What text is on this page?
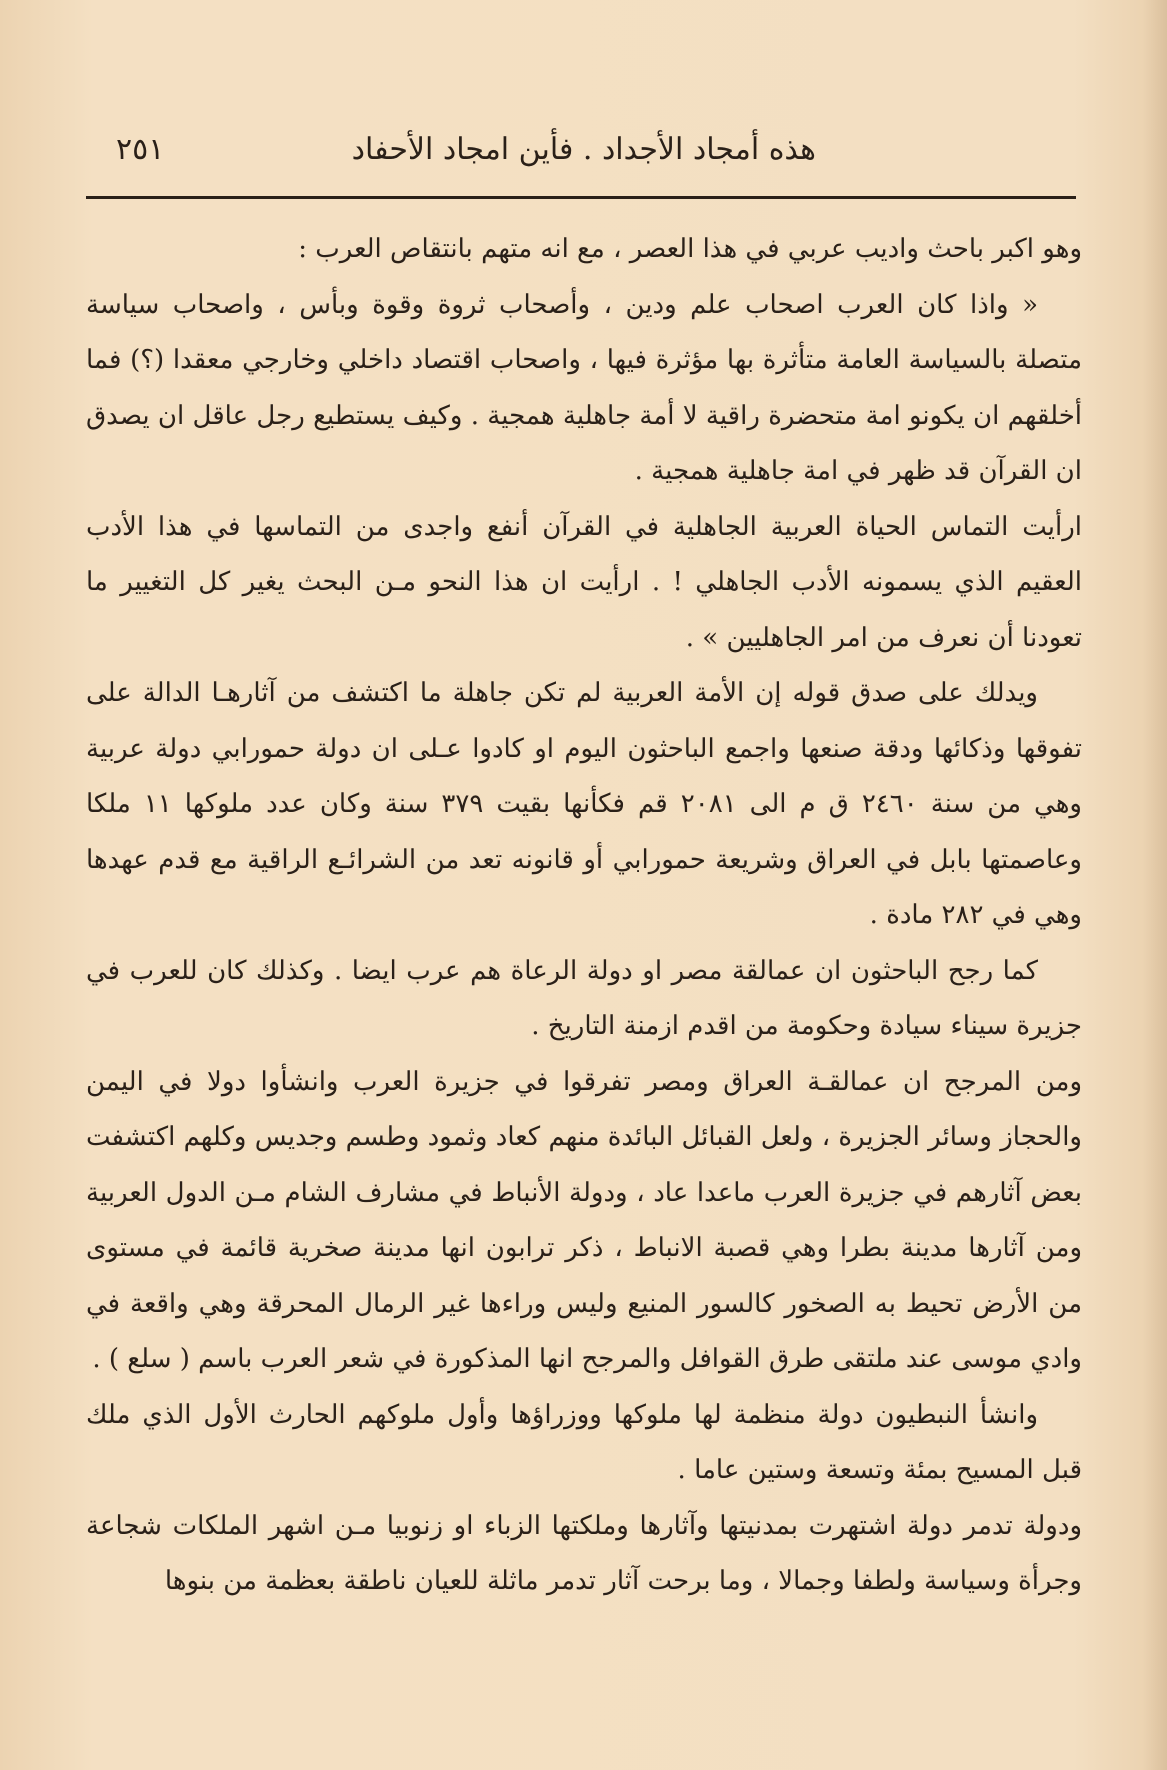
هذه أمجاد الأجداد . فأين امجاد الأحفاد
٢٥١

وهو اكبر باحث واديب عربي في هذا العصر ، مع انه متهم بانتقاص العرب :

« واذا كان العرب اصحاب علم ودين ، وأصحاب ثروة وقوة وبأس ، واصحاب سياسة متصلة بالسياسة العامة متأثرة بها مؤثرة فيها ، واصحاب اقتصاد داخلي وخارجي معقدا (؟) فما أخلقهم ان يكونو امة متحضرة راقية لا أمة جاهلية همجية . وكيف يستطيع رجل عاقل ان يصدق ان القرآن قد ظهر في امة جاهلية همجية .

ارأيت التماس الحياة العربية الجاهلية في القرآن أنفع واجدى من التماسها في هذا الأدب العقيم الذي يسمونه الأدب الجاهلي ! . ارأيت ان هذا النحو مـن البحث يغير كل التغيير ما تعودنا أن نعرف من امر الجاهليين » .

ويدلك على صدق قوله إن الأمة العربية لم تكن جاهلة ما اكتشف من آثارهـا الدالة على تفوقها وذكائها ودقة صنعها واجمع الباحثون اليوم او كادوا عـلى ان دولة حمورابي دولة عربية وهي من سنة ٢٤٦٠ ق م الى ٢٠٨١ قم فكأنها بقيت ٣٧٩ سنة وكان عدد ملوكها ١١ ملكا وعاصمتها بابل في العراق وشريعة حمورابي أو قانونه تعد من الشرائـع الراقية مع قدم عهدها وهي في ٢٨٢ مادة .

كما رجح الباحثون ان عمالقة مصر او دولة الرعاة هم عرب ايضا . وكذلك كان للعرب في جزيرة سيناء سيادة وحكومة من اقدم ازمنة التاريخ .

ومن المرجح ان عمالقـة العراق ومصر تفرقوا في جزيرة العرب وانشأوا دولا في اليمن والحجاز وسائر الجزيرة ، ولعل القبائل البائدة منهم كعاد وثمود وطسم وجديس وكلهم اكتشفت بعض آثارهم في جزيرة العرب ماعدا عاد ، ودولة الأنباط في مشارف الشام مـن الدول العربية ومن آثارها مدينة بطرا وهي قصبة الانباط ، ذكر ترابون انها مدينة صخرية قائمة في مستوى من الأرض تحيط به الصخور كالسور المنيع وليس وراءها غير الرمال المحرقة وهي واقعة في وادي موسى عند ملتقى طرق القوافل والمرجح انها المذكورة في شعر العرب باسم ( سلع ) .

وانشأ النبطيون دولة منظمة لها ملوكها ووزراؤها وأول ملوكهم الحارث الأول الذي ملك قبل المسيح بمئة وتسعة وستين عاما .

ودولة تدمر دولة اشتهرت بمدنيتها وآثارها وملكتها الزباء او زنوبيا مـن اشهر الملكات شجاعة وجرأة وسياسة ولطفا وجمالا ، وما برحت آثار تدمر ماثلة للعيان ناطقة بعظمة من بنوها
